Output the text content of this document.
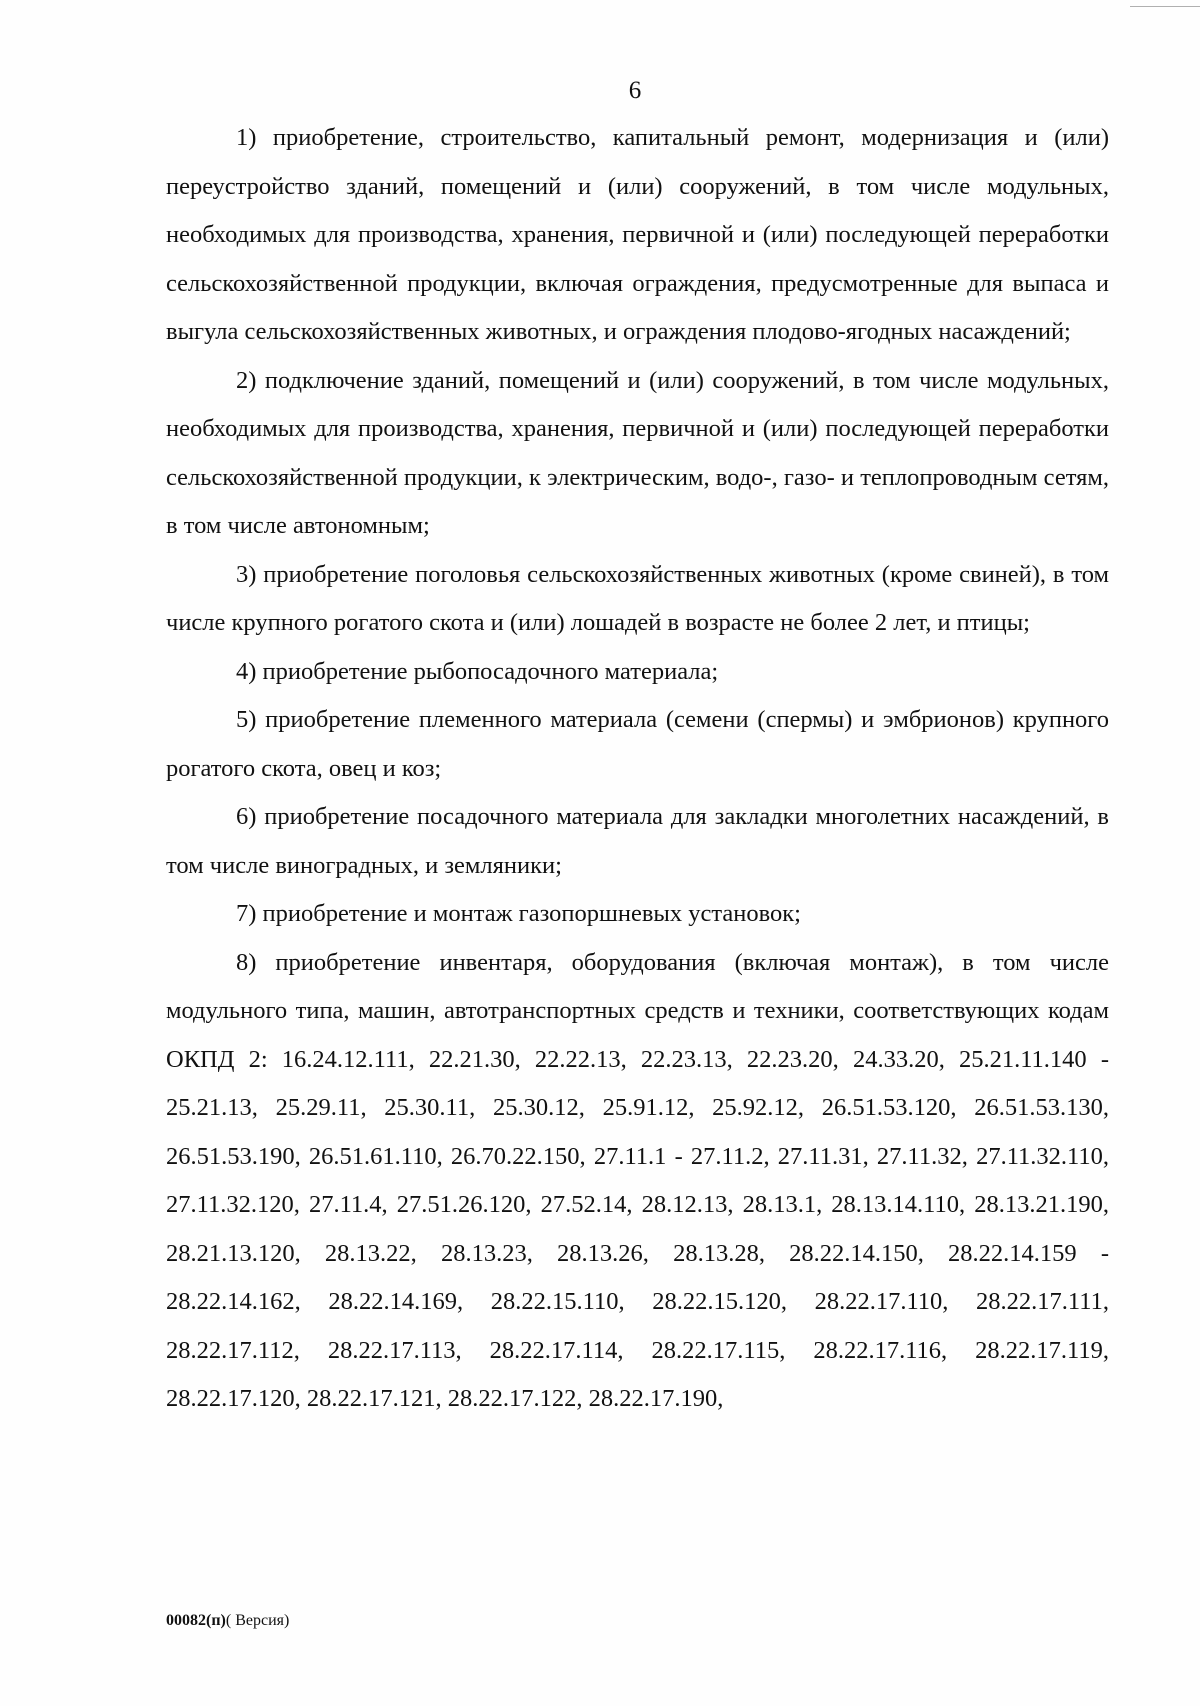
6

1) приобретение, строительство, капитальный ремонт, модернизация и (или) переустройство зданий, помещений и (или) сооружений, в том числе модульных, необходимых для производства, хранения, первичной и (или) последующей переработки сельскохозяйственной продукции, включая ограждения, предусмотренные для выпаса и выгула сельскохозяйственных животных, и ограждения плодово-ягодных насаждений;

2) подключение зданий, помещений и (или) сооружений, в том числе модульных, необходимых для производства, хранения, первичной и (или) последующей переработки сельскохозяйственной продукции, к электрическим, водо-, газо- и теплопроводным сетям, в том числе автономным;

3) приобретение поголовья сельскохозяйственных животных (кроме свиней), в том числе крупного рогатого скота и (или) лошадей в возрасте не более 2 лет, и птицы;

4) приобретение рыбопосадочного материала;

5) приобретение племенного материала (семени (спермы) и эмбрионов) крупного рогатого скота, овец и коз;

6) приобретение посадочного материала для закладки многолетних насаждений, в том числе виноградных, и земляники;

7) приобретение и монтаж газопоршневых установок;

8) приобретение инвентаря, оборудования (включая монтаж), в том числе модульного типа, машин, автотранспортных средств и техники, соответствующих кодам ОКПД 2: 16.24.12.111, 22.21.30, 22.22.13, 22.23.13, 22.23.20, 24.33.20, 25.21.11.140 - 25.21.13, 25.29.11, 25.30.11, 25.30.12, 25.91.12, 25.92.12, 26.51.53.120, 26.51.53.130, 26.51.53.190, 26.51.61.110, 26.70.22.150, 27.11.1 - 27.11.2, 27.11.31, 27.11.32, 27.11.32.110, 27.11.32.120, 27.11.4, 27.51.26.120, 27.52.14, 28.12.13, 28.13.1, 28.13.14.110, 28.13.21.190, 28.21.13.120, 28.13.22, 28.13.23, 28.13.26, 28.13.28, 28.22.14.150, 28.22.14.159 - 28.22.14.162, 28.22.14.169, 28.22.15.110, 28.22.15.120, 28.22.17.110, 28.22.17.111, 28.22.17.112, 28.22.17.113, 28.22.17.114, 28.22.17.115, 28.22.17.116, 28.22.17.119, 28.22.17.120, 28.22.17.121, 28.22.17.122, 28.22.17.190,

00082(п)( Версия)
